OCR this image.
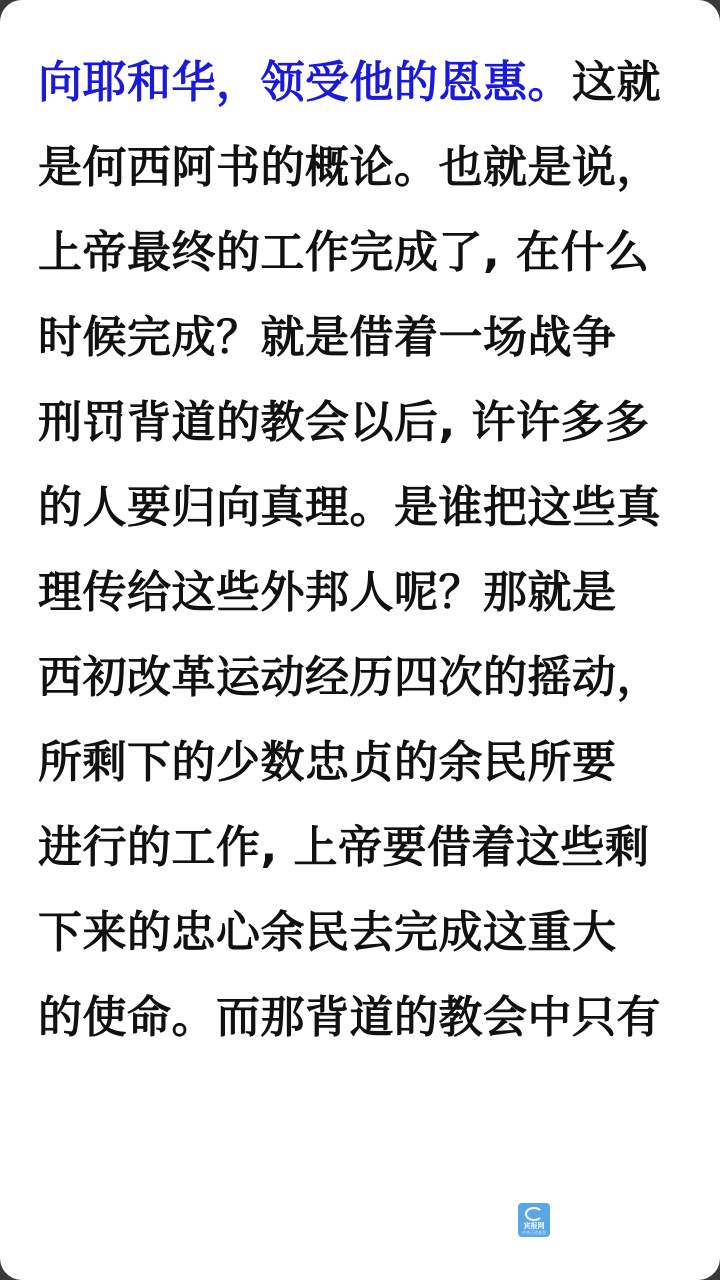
向耶和华，领受他的恩惠。这就
是何西阿书的概论。也就是说，
上帝最终的工作完成了, 在什么
时候完成？就是借着一场战争
刑罚背道的教会以后, 许许多多
的人要归向真理。是谁把这些真
理传给这些外邦人呢？那就是
西初改革运动经历四次的摇动，
所剩下的少数忠贞的余民所要
进行的工作, 上帝要借着这些剩
下来的忠心余民去完成这重大
的使命。而那背道的教会中只有
宾报网
中华正道基督
